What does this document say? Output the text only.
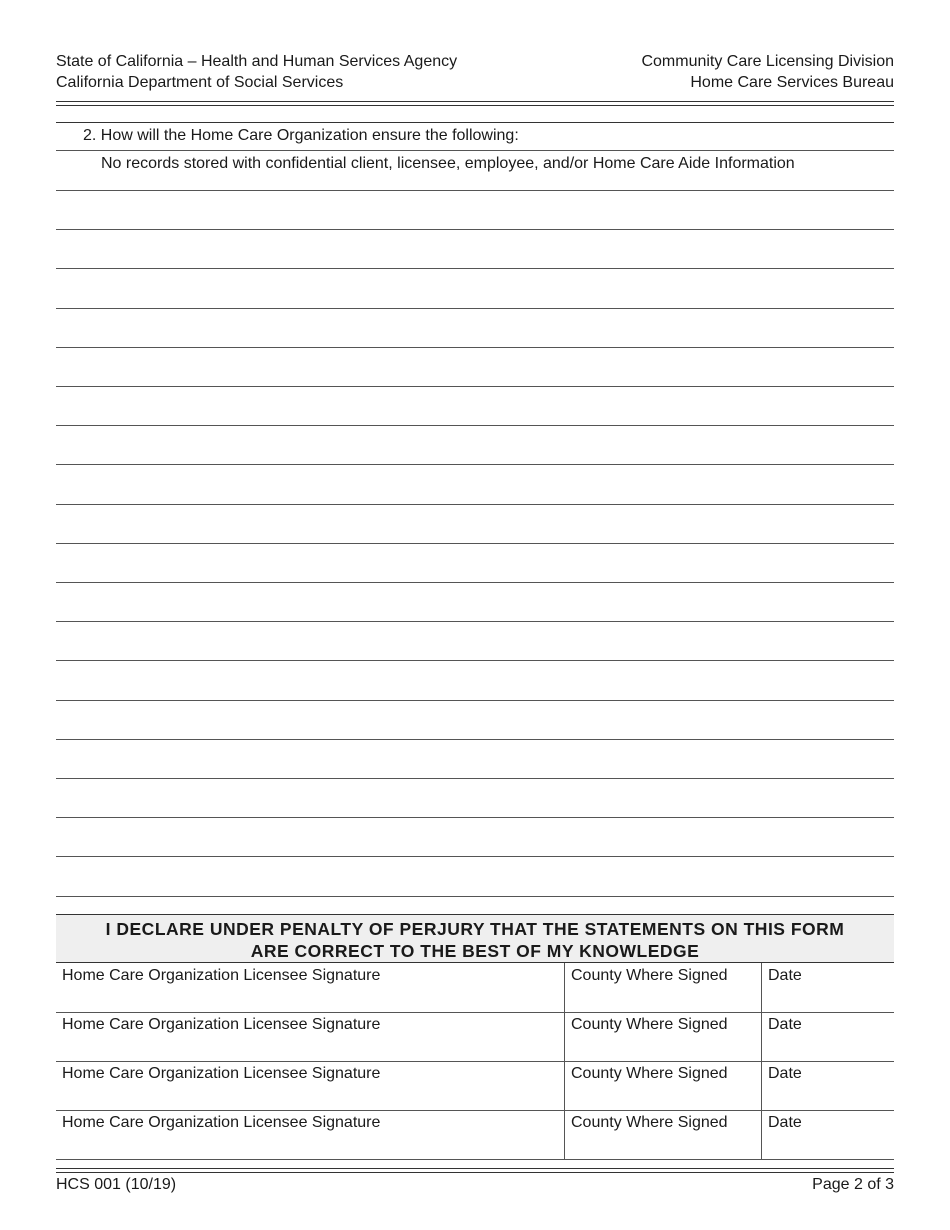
State of California – Health and Human Services Agency
California Department of Social Services
Community Care Licensing Division
Home Care Services Bureau
2. How will the Home Care Organization ensure the following:
No records stored with confidential client, licensee, employee, and/or Home Care Aide Information
I DECLARE UNDER PENALTY OF PERJURY THAT THE STATEMENTS ON THIS FORM
ARE CORRECT TO THE BEST OF MY KNOWLEDGE
Home Care Organization Licensee Signature	County Where Signed	Date
Home Care Organization Licensee Signature	County Where Signed	Date
Home Care Organization Licensee Signature	County Where Signed	Date
Home Care Organization Licensee Signature	County Where Signed	Date
HCS 001 (10/19)	Page 2 of 3
